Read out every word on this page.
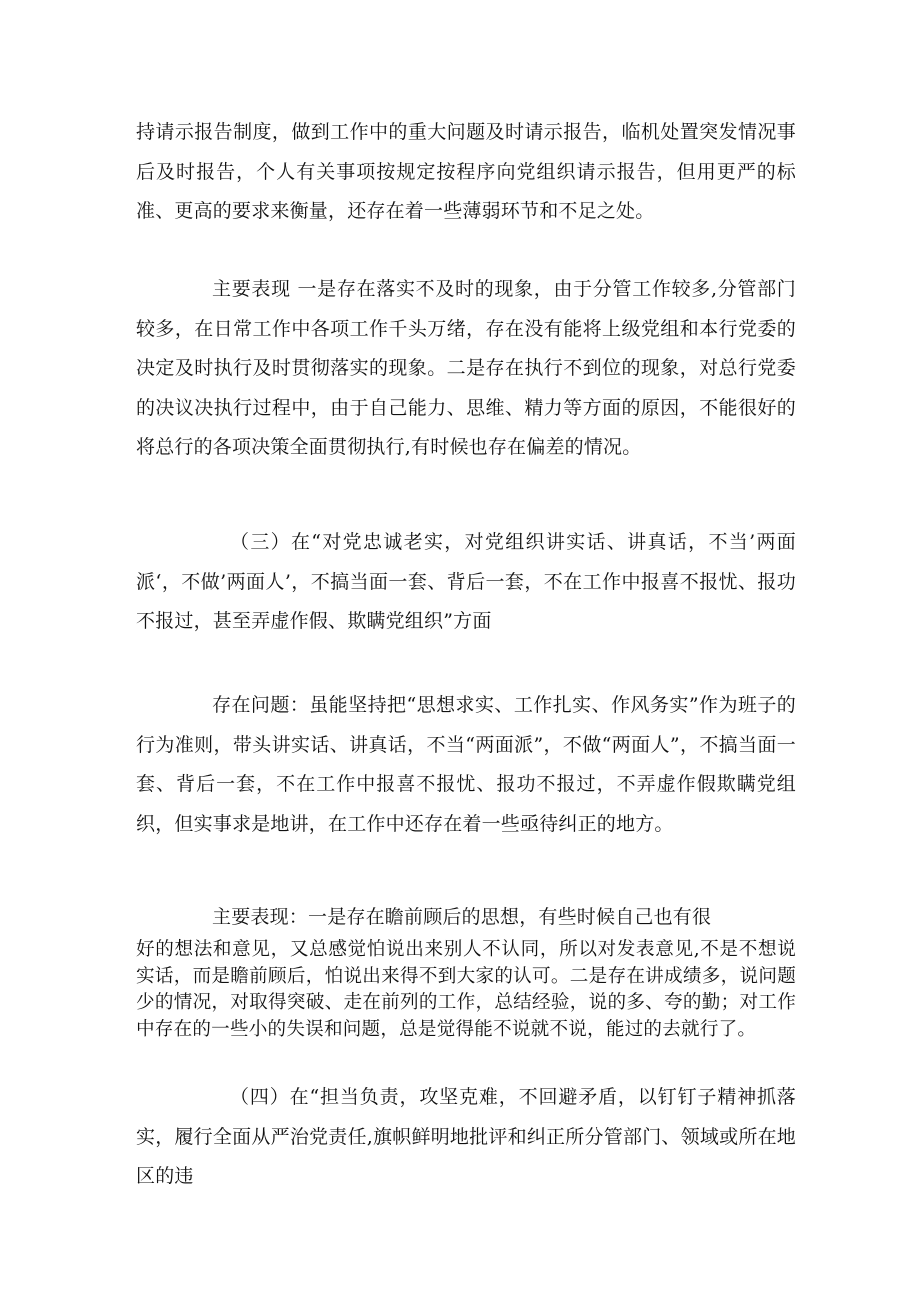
持请示报告制度，做到工作中的重大问题及时请示报告，临机处置突发情况事后及时报告，个人有关事项按规定按程序向党组织请示报告，但用更严的标准、更高的要求来衡量，还存在着一些薄弱环节和不足之处。

主要表现 一是存在落实不及时的现象，由于分管工作较多,分管部门较多，在日常工作中各项工作千头万绪，存在没有能将上级党组和本行党委的决定及时执行及时贯彻落实的现象。二是存在执行不到位的现象，对总行党委的决议决执行过程中，由于自己能力、思维、精力等方面的原因，不能很好的将总行的各项决策全面贯彻执行,有时候也存在偏差的情况。

（三）在“对党忠诚老实，对党组织讲实话、讲真话，不当’两面派‘，不做’两面人’，不搞当面一套、背后一套，不在工作中报喜不报忧、报功不报过，甚至弄虚作假、欺瞒党组织”方面

存在问题：虽能坚持把“思想求实、工作扎实、作风务实”作为班子的行为准则，带头讲实话、讲真话，不当“两面派”，不做“两面人”，不搞当面一套、背后一套，不在工作中报喜不报忧、报功不报过，不弄虚作假欺瞒党组织，但实事求是地讲，在工作中还存在着一些亟待纠正的地方。

主要表现：一是存在瞻前顾后的思想，有些时候自己也有很

好的想法和意见，又总感觉怕说出来别人不认同，所以对发表意见,不是不想说实话，而是瞻前顾后，怕说出来得不到大家的认可。二是存在讲成绩多，说问题少的情况，对取得突破、走在前列的工作，总结经验，说的多、夸的勤；对工作中存在的一些小的失误和问题，总是觉得能不说就不说，能过的去就行了。

（四）在“担当负责，攻坚克难，不回避矛盾，以钉钉子精神抓落实，履行全面从严治党责任,旗帜鲜明地批评和纠正所分管部门、领域或所在地区的违
